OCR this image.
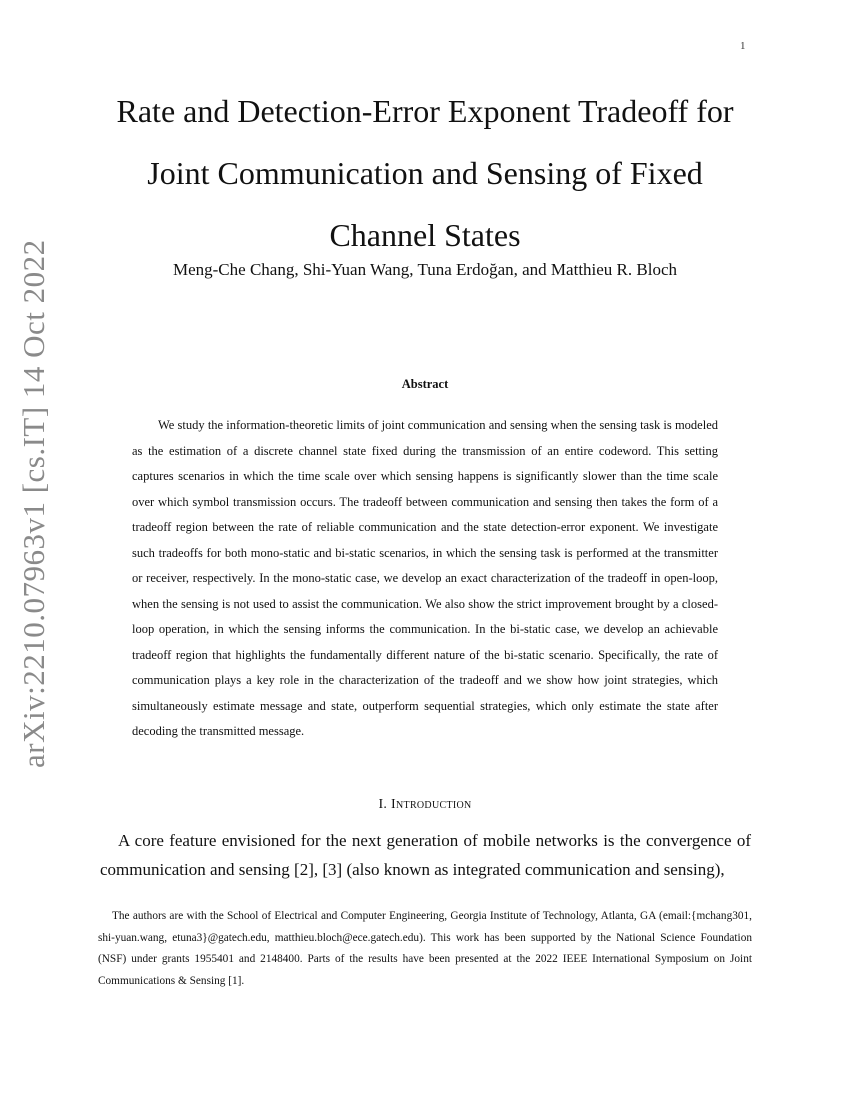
1
arXiv:2210.07963v1 [cs.IT] 14 Oct 2022
Rate and Detection-Error Exponent Tradeoff for Joint Communication and Sensing of Fixed Channel States
Meng-Che Chang, Shi-Yuan Wang, Tuna Erdoğan, and Matthieu R. Bloch
Abstract

We study the information-theoretic limits of joint communication and sensing when the sensing task is modeled as the estimation of a discrete channel state fixed during the transmission of an entire codeword. This setting captures scenarios in which the time scale over which sensing happens is significantly slower than the time scale over which symbol transmission occurs. The tradeoff between communication and sensing then takes the form of a tradeoff region between the rate of reliable communication and the state detection-error exponent. We investigate such tradeoffs for both mono-static and bi-static scenarios, in which the sensing task is performed at the transmitter or receiver, respectively. In the mono-static case, we develop an exact characterization of the tradeoff in open-loop, when the sensing is not used to assist the communication. We also show the strict improvement brought by a closed-loop operation, in which the sensing informs the communication. In the bi-static case, we develop an achievable tradeoff region that highlights the fundamentally different nature of the bi-static scenario. Specifically, the rate of communication plays a key role in the characterization of the tradeoff and we show how joint strategies, which simultaneously estimate message and state, outperform sequential strategies, which only estimate the state after decoding the transmitted message.

I. Introduction

A core feature envisioned for the next generation of mobile networks is the convergence of communication and sensing [2], [3] (also known as integrated communication and sensing),

The authors are with the School of Electrical and Computer Engineering, Georgia Institute of Technology, Atlanta, GA (email:{mchang301, shi-yuan.wang, etuna3}@gatech.edu, matthieu.bloch@ece.gatech.edu). This work has been supported by the National Science Foundation (NSF) under grants 1955401 and 2148400. Parts of the results have been presented at the 2022 IEEE International Symposium on Joint Communications & Sensing [1].
